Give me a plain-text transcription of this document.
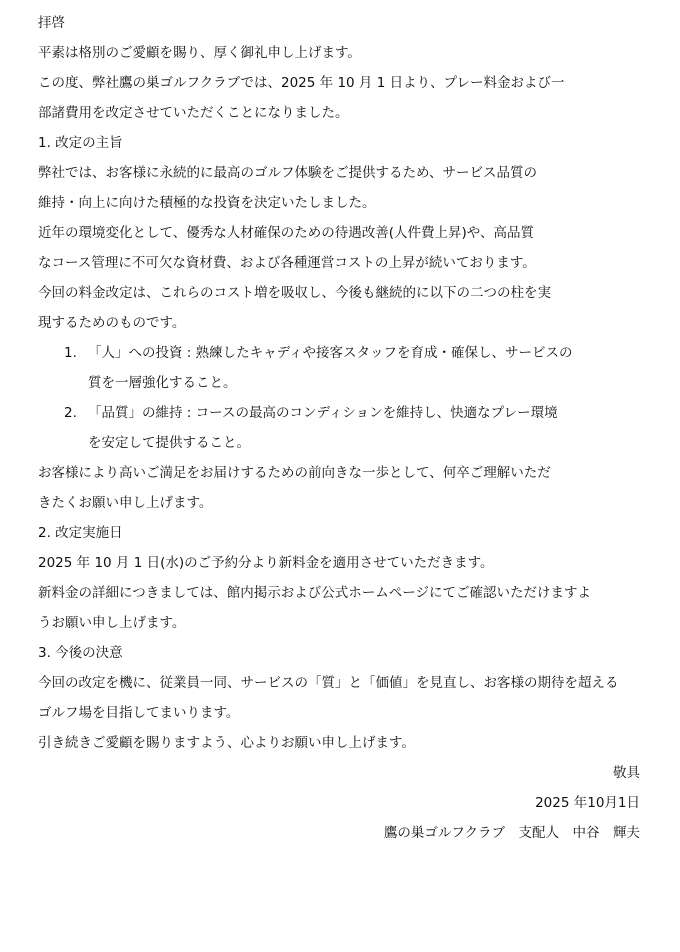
拝啓
平素は格別のご愛顧を賜り、厚く御礼申し上げます。
この度、弊社鷹の巣ゴルフクラブでは、2025 年 10 月 1 日より、プレー料金および一
部諸費用を改定させていただくことになりました。
1. 改定の主旨
弊社では、お客様に永続的に最高のゴルフ体験をご提供するため、サービス品質の
維持・向上に向けた積極的な投資を決定いたしました。
近年の環境変化として、優秀な人材確保のための待遇改善(人件費上昇)や、高品質
なコース管理に不可欠な資材費、および各種運営コストの上昇が続いております。
今回の料金改定は、これらのコスト増を吸収し、今後も継続的に以下の二つの柱を実
現するためのものです。
1. 「人」への投資 : 熟練したキャディや接客スタッフを育成・確保し、サービスの
質を一層強化すること。
2. 「品質」の維持 : コースの最高のコンディションを維持し、快適なプレー環境
を安定して提供すること。
お客様により高いご満足をお届けするための前向きな一歩として、何卒ご理解いただ
きたくお願い申し上げます。
2. 改定実施日
2025 年 10 月 1 日(水)のご予約分より新料金を適用させていただきます。
新料金の詳細につきましては、館内掲示および公式ホームページにてご確認いただけますよ
うお願い申し上げます。
3. 今後の決意
今回の改定を機に、従業員一同、サービスの「質」と「価値」を見直し、お客様の期待を超える
ゴルフ場を目指してまいります。
引き続きご愛顧を賜りますよう、心よりお願い申し上げます。
敬具
2025 年10月1日
鷹の巣ゴルフクラブ　支配人　中谷　輝夫
